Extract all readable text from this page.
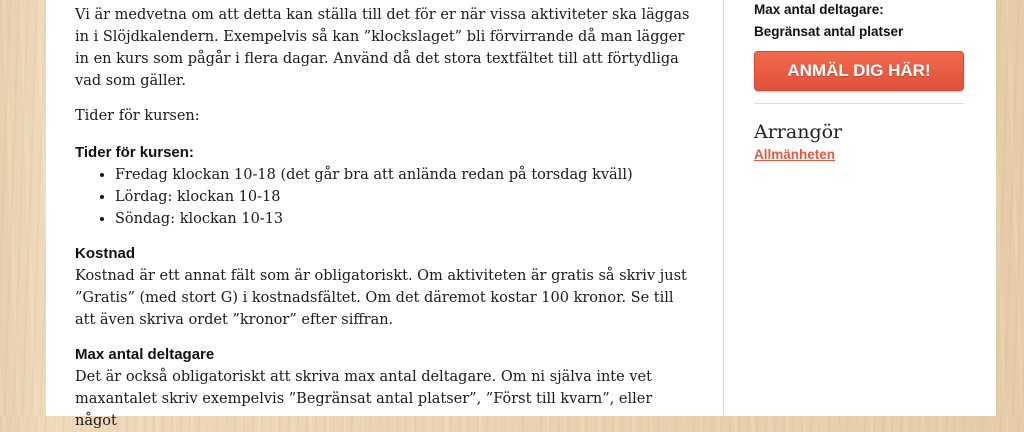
Vi är medvetna om att detta kan ställa till det för er när vissa aktiviteter ska läggas in i Slöjdkalendern. Exempelvis så kan ”klockslaget” bli förvirrande då man lägger in en kurs som pågår i flera dagar. Använd då det stora textfältet till att förtydliga vad som gäller.

Tider för kursen:

Tider för kursen:
• Fredag klockan 10-18 (det går bra att anlända redan på torsdag kväll)
• Lördag: klockan 10-18
• Söndag: klockan 10-13
Kostnad

Kostnad är ett annat fält som är obligatoriskt. Om aktiviteten är gratis så skriv just ”Gratis” (med stort G) i kostnadsfältet. Om det däremot kostar 100 kronor. Se till att även skriva ordet ”kronor” efter siffran.

Max antal deltagare

Det är också obligatoriskt att skriva max antal deltagare. Om ni själva inte vet maxantalet skriv exempelvis ”Begränsat antal platser”, ”Först till kvarn”, eller något

Max antal deltagare:
Begränsat antal platser
ANMÄL DIG HÄR!
Arrangör
Allmänheten
